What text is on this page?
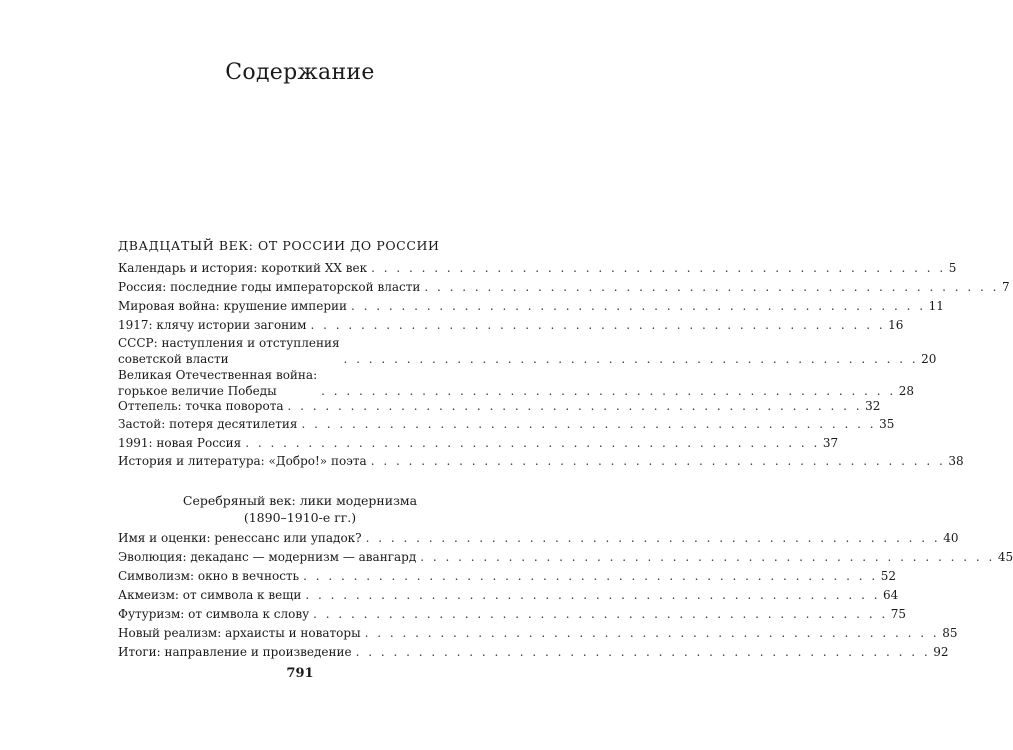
Содержание
ДВАДЦАТЫЙ ВЕК: ОТ РОССИИ ДО РОССИИ
Календарь и история: короткий XX век . . . . . . . . . . . . . . . . . . . . . . . . . . . . . . . . . . . . . . . . . . . . . . 5
Россия: последние годы императорской власти . . . . . . . . . . . . . . . . . . . . . . . . . . . . . . . . . . . . . . . . . . . . . . 7
Мировая война: крушение империи . . . . . . . . . . . . . . . . . . . . . . . . . . . . . . . . . . . . . . . . . . . . . . 11
1917: клячу истории загоним . . . . . . . . . . . . . . . . . . . . . . . . . . . . . . . . . . . . . . . . . . . . . . 16
СССР: наступления и отступления
советской власти	. . . . . . . . . . . . . . . . . . . . . . . . . . . . . . . . . . . . . . . . . . . . . . 20
Великая Отечественная война:
горькое величие Победы	. . . . . . . . . . . . . . . . . . . . . . . . . . . . . . . . . . . . . . . . . . . . . . 28
Оттепель: точка поворота . . . . . . . . . . . . . . . . . . . . . . . . . . . . . . . . . . . . . . . . . . . . . . 32
Застой: потеря десятилетия . . . . . . . . . . . . . . . . . . . . . . . . . . . . . . . . . . . . . . . . . . . . . . 35
1991: новая Россия . . . . . . . . . . . . . . . . . . . . . . . . . . . . . . . . . . . . . . . . . . . . . . 37
История и литература: «Добро!» поэта . . . . . . . . . . . . . . . . . . . . . . . . . . . . . . . . . . . . . . . . . . . . . . 38
Серебряный век: лики модернизма
(1890–1910-е гг.)
Имя и оценки: ренессанс или упадок? . . . . . . . . . . . . . . . . . . . . . . . . . . . . . . . . . . . . . . . . . . . . . . 40
Эволюция: декаданс — модернизм — авангард . . . . . . . . . . . . . . . . . . . . . . . . . . . . . . . . . . . . . . . . . . . . . . 45
Символизм: окно в вечность . . . . . . . . . . . . . . . . . . . . . . . . . . . . . . . . . . . . . . . . . . . . . . 52
Акмеизм: от символа к вещи . . . . . . . . . . . . . . . . . . . . . . . . . . . . . . . . . . . . . . . . . . . . . . 64
Футуризм: от символа к слову . . . . . . . . . . . . . . . . . . . . . . . . . . . . . . . . . . . . . . . . . . . . . . 75
Новый реализм: архаисты и новаторы . . . . . . . . . . . . . . . . . . . . . . . . . . . . . . . . . . . . . . . . . . . . . . 85
Итоги: направление и произведение . . . . . . . . . . . . . . . . . . . . . . . . . . . . . . . . . . . . . . . . . . . . . . 92
791
